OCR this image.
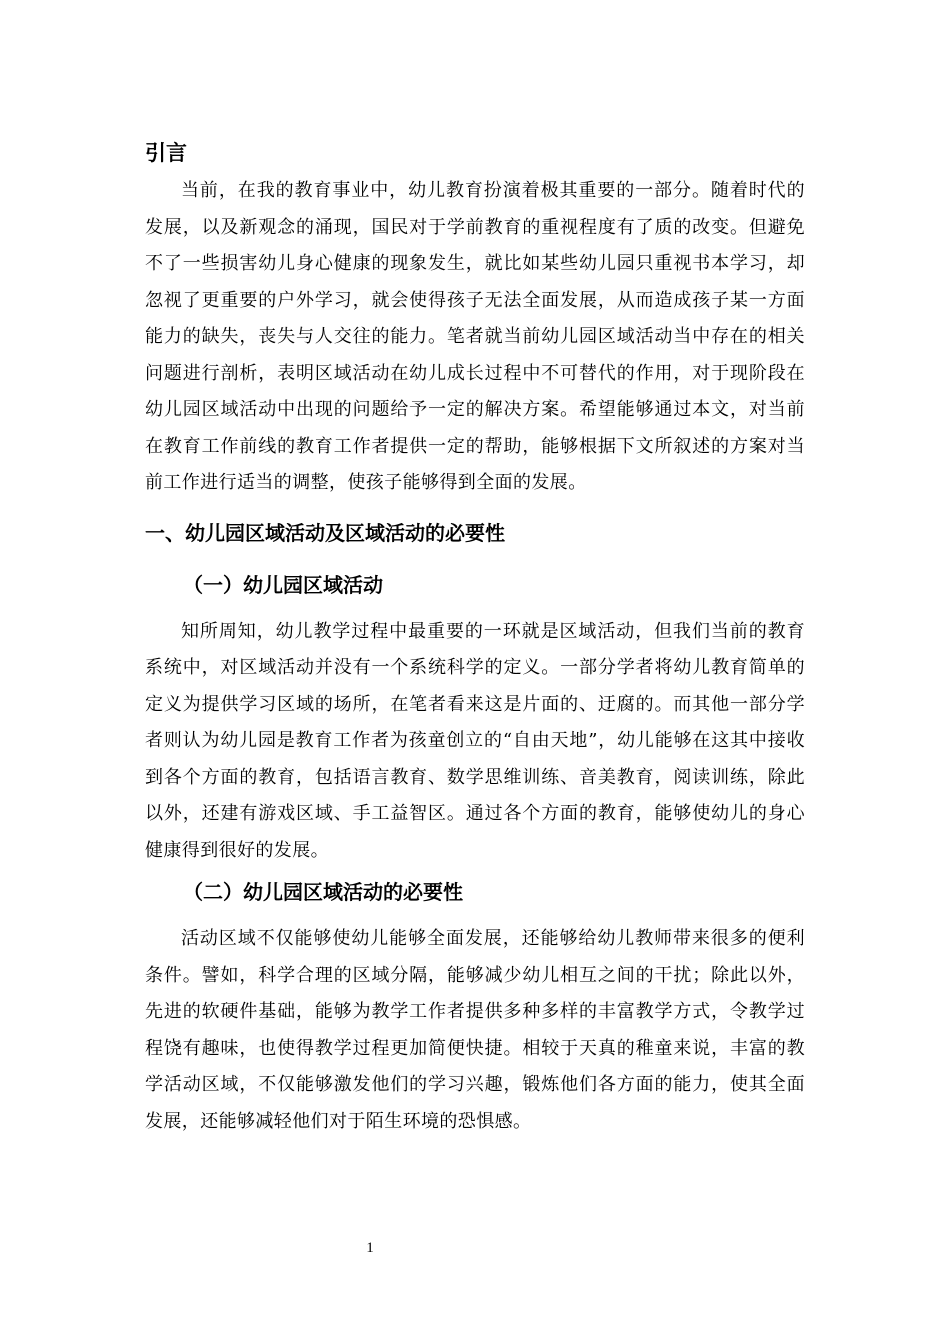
引言

当前，在我的教育事业中，幼儿教育扮演着极其重要的一部分。随着时代的发展，以及新观念的涌现，国民对于学前教育的重视程度有了质的改变。但避免不了一些损害幼儿身心健康的现象发生，就比如某些幼儿园只重视书本学习，却忽视了更重要的户外学习，就会使得孩子无法全面发展，从而造成孩子某一方面能力的缺失，丧失与人交往的能力。笔者就当前幼儿园区域活动当中存在的相关问题进行剖析，表明区域活动在幼儿成长过程中不可替代的作用，对于现阶段在幼儿园区域活动中出现的问题给予一定的解决方案。希望能够通过本文，对当前在教育工作前线的教育工作者提供一定的帮助，能够根据下文所叙述的方案对当前工作进行适当的调整，使孩子能够得到全面的发展。

一、幼儿园区域活动及区域活动的必要性
（一）幼儿园区域活动

知所周知，幼儿教学过程中最重要的一环就是区域活动，但我们当前的教育系统中，对区域活动并没有一个系统科学的定义。一部分学者将幼儿教育简单的定义为提供学习区域的场所，在笔者看来这是片面的、迂腐的。而其他一部分学者则认为幼儿园是教育工作者为孩童创立的“自由天地”，幼儿能够在这其中接收到各个方面的教育，包括语言教育、数学思维训练、音美教育，阅读训练，除此以外，还建有游戏区域、手工益智区。通过各个方面的教育，能够使幼儿的身心健康得到很好的发展。

（二）幼儿园区域活动的必要性

活动区域不仅能够使幼儿能够全面发展，还能够给幼儿教师带来很多的便利条件。譬如，科学合理的区域分隔，能够减少幼儿相互之间的干扰；除此以外，先进的软硬件基础，能够为教学工作者提供多种多样的丰富教学方式，令教学过程饶有趣味，也使得教学过程更加简便快捷。相较于天真的稚童来说，丰富的教学活动区域，不仅能够激发他们的学习兴趣，锻炼他们各方面的能力，使其全面发展，还能够减轻他们对于陌生环境的恐惧感。

1
